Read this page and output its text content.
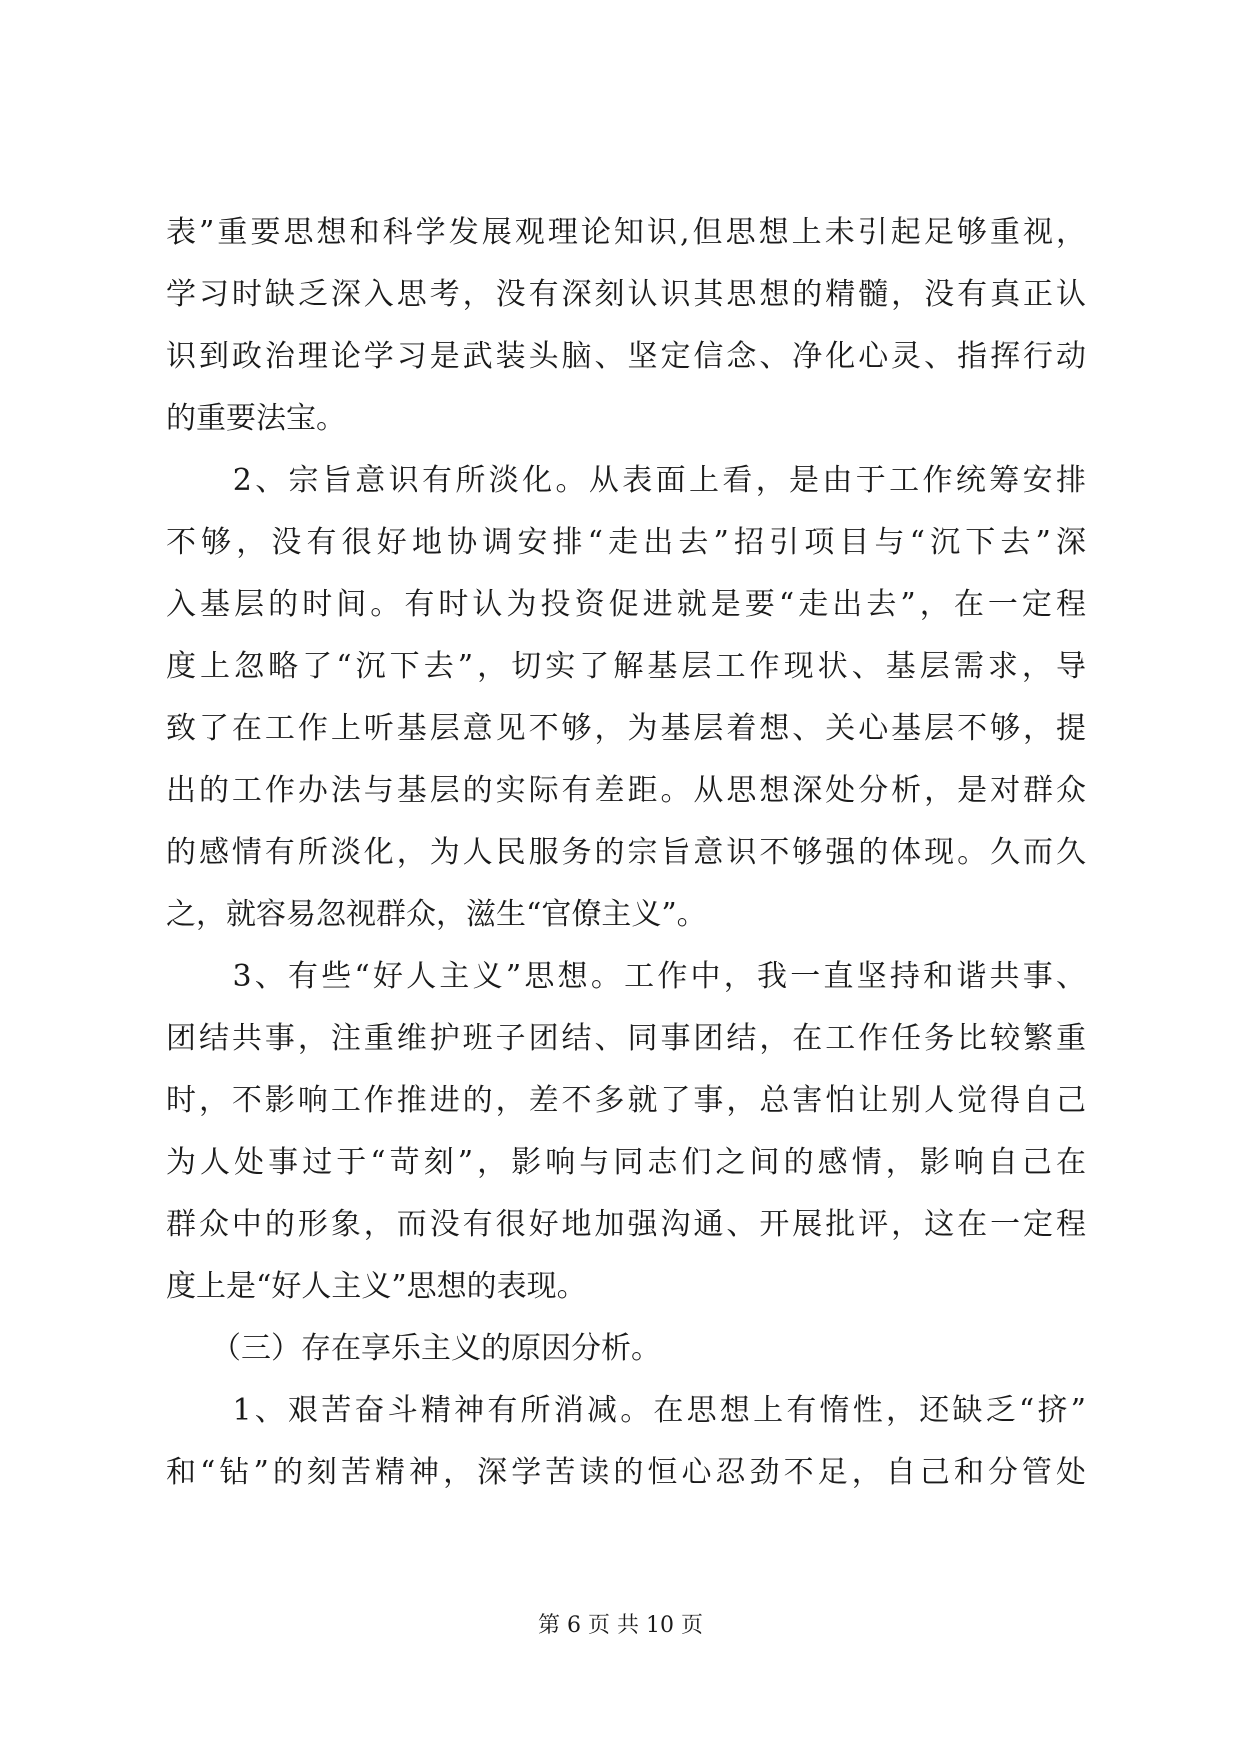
表”重要思想和科学发展观理论知识,但思想上未引起足够重视，
学习时缺乏深入思考，没有深刻认识其思想的精髓，没有真正认
识到政治理论学习是武装头脑、坚定信念、净化心灵、指挥行动
的重要法宝。
　　2、宗旨意识有所淡化。从表面上看，是由于工作统筹安排
不够，没有很好地协调安排“走出去”招引项目与“沉下去”深
入基层的时间。有时认为投资促进就是要“走出去”，在一定程
度上忽略了“沉下去”，切实了解基层工作现状、基层需求，导
致了在工作上听基层意见不够，为基层着想、关心基层不够，提
出的工作办法与基层的实际有差距。从思想深处分析，是对群众
的感情有所淡化，为人民服务的宗旨意识不够强的体现。久而久
之，就容易忽视群众，滋生“官僚主义”。
　　3、有些“好人主义”思想。工作中，我一直坚持和谐共事、
团结共事，注重维护班子团结、同事团结，在工作任务比较繁重
时，不影响工作推进的，差不多就了事，总害怕让别人觉得自己
为人处事过于“苛刻”，影响与同志们之间的感情，影响自己在
群众中的形象，而没有很好地加强沟通、开展批评，这在一定程
度上是“好人主义”思想的表现。
　　（三）存在享乐主义的原因分析。
　　1、艰苦奋斗精神有所消减。在思想上有惰性，还缺乏“挤”
和“钻”的刻苦精神，深学苦读的恒心忍劲不足，自己和分管处
第 6 页 共 10 页
